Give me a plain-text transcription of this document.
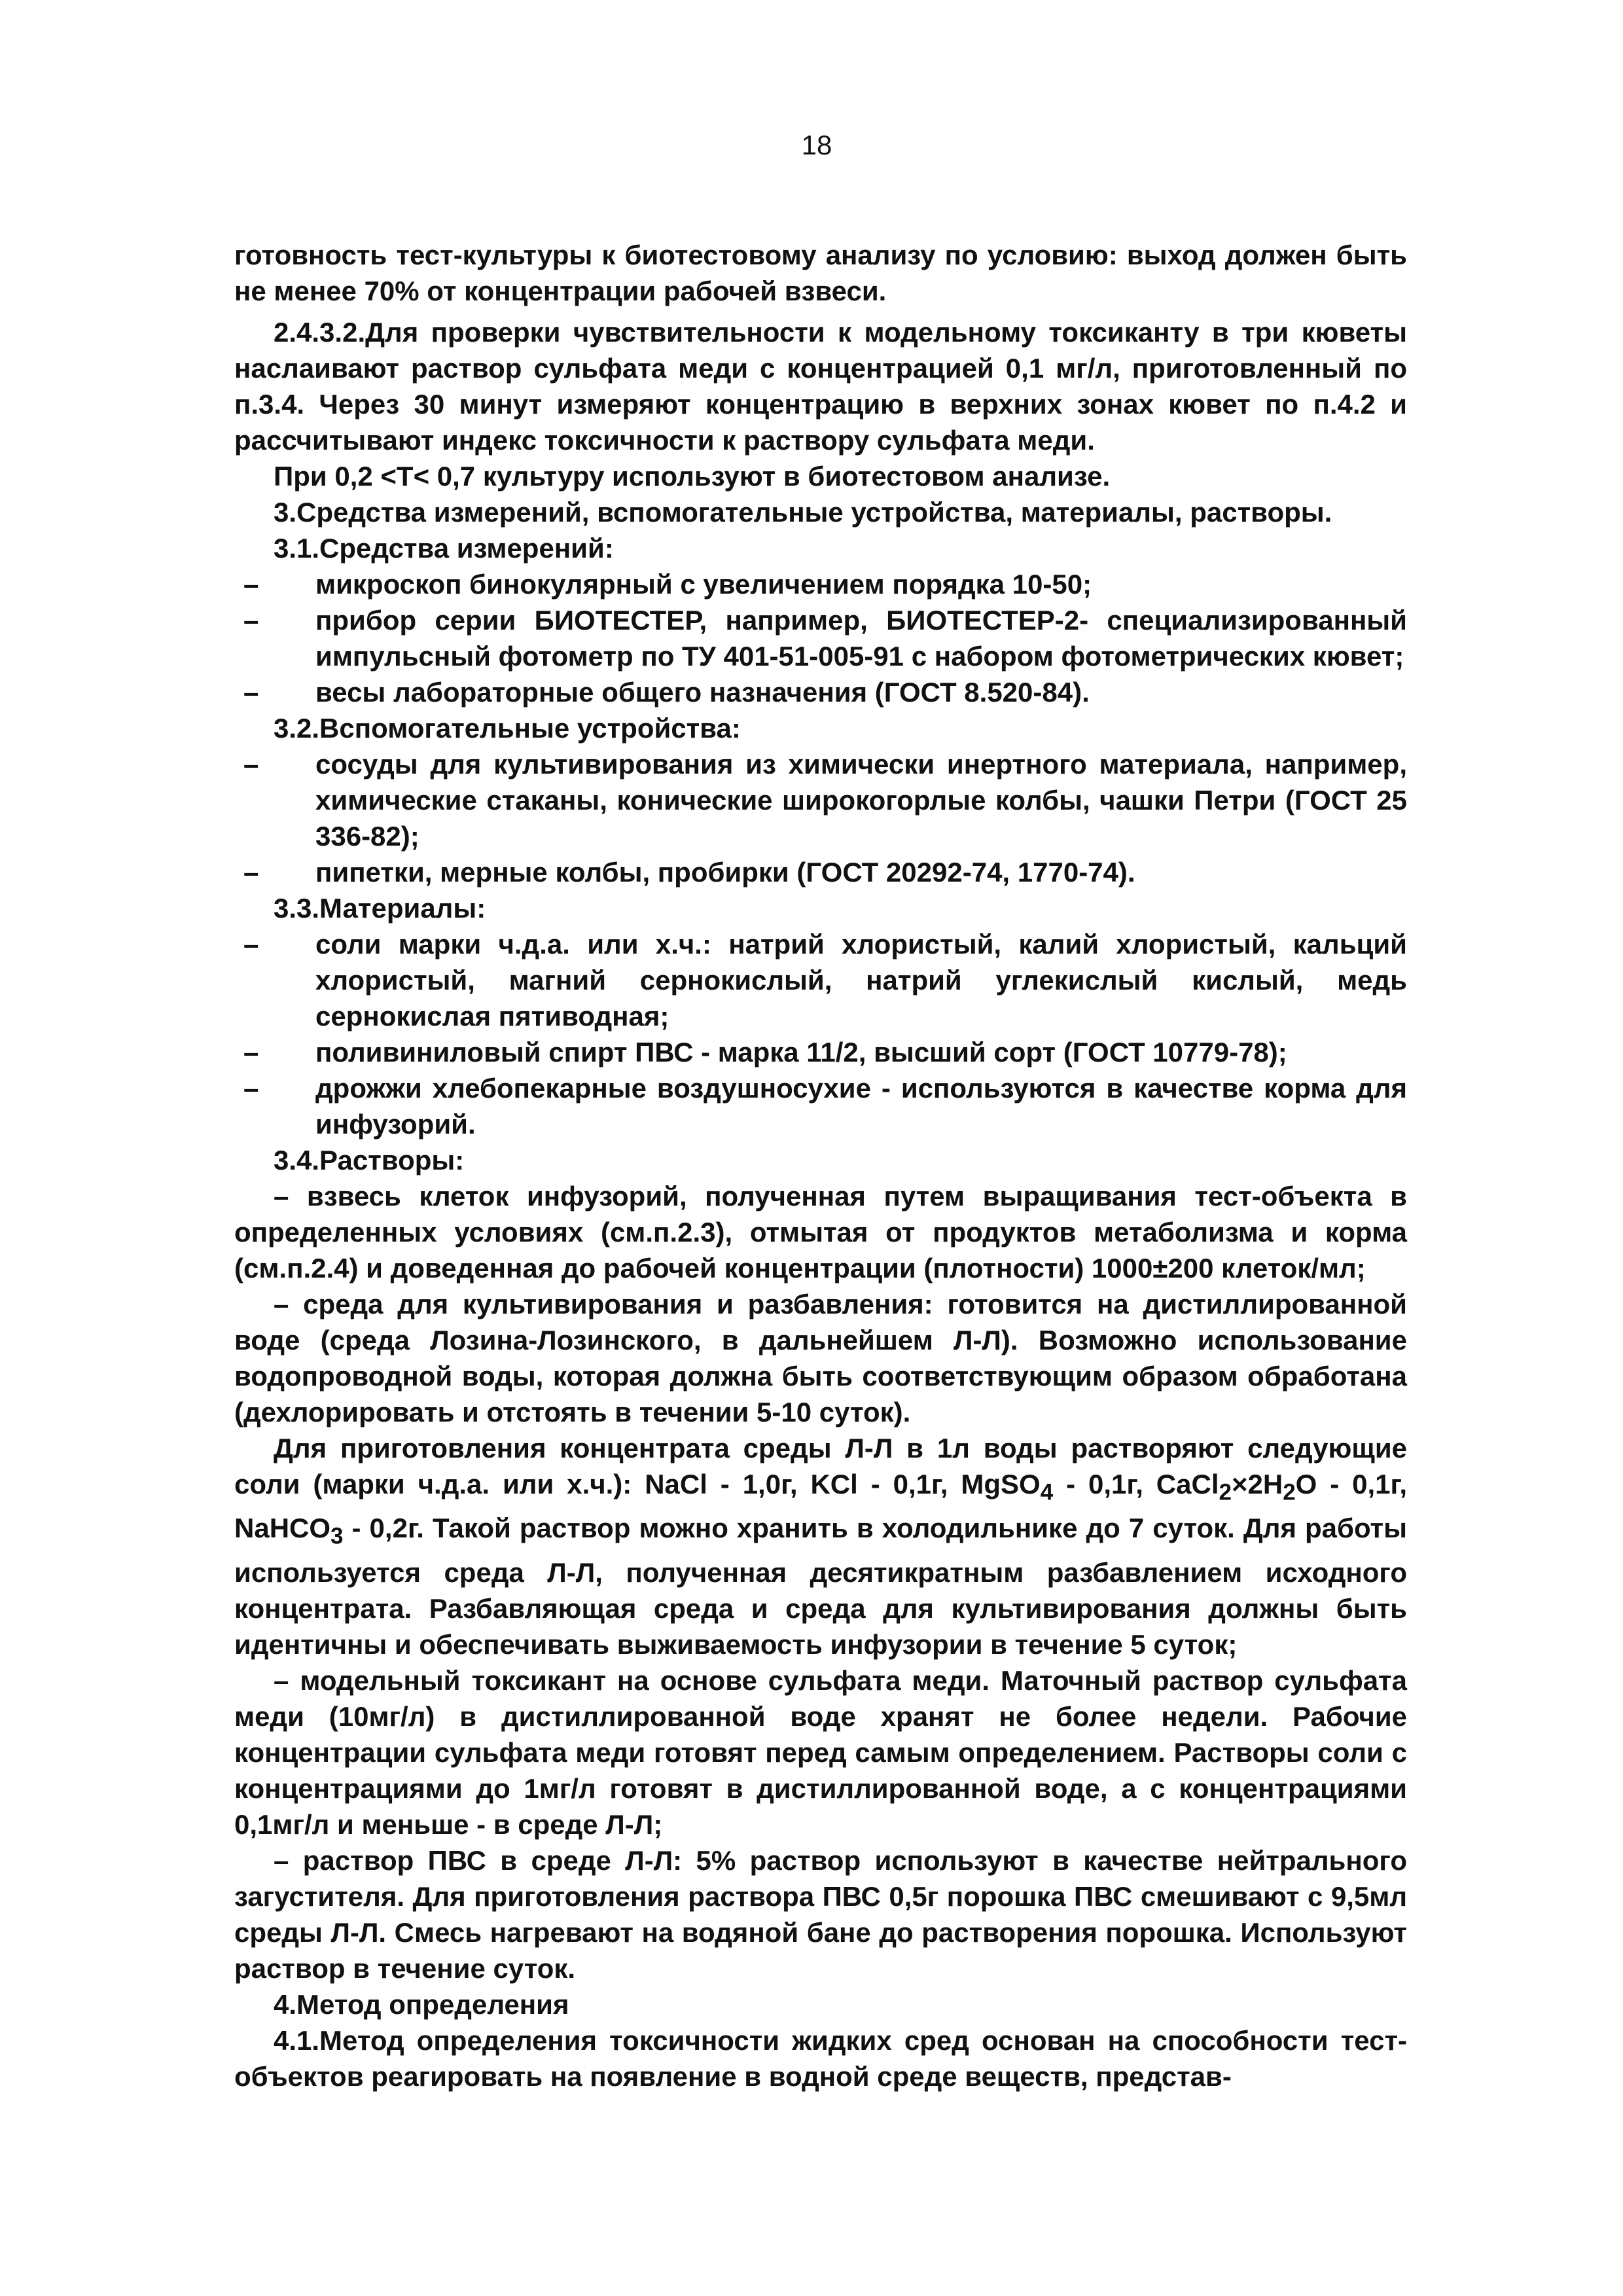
18

готовность тест-культуры к биотестовому анализу по условию: выход должен быть не менее 70% от концентрации рабочей взвеси.

2.4.3.2.Для проверки чувствительности к модельному токсиканту в три кюветы наслаивают раствор сульфата меди с концентрацией 0,1 мг/л, приготовленный по п.3.4. Через 30 минут измеряют концентрацию в верхних зонах кювет по п.4.2 и рассчитывают индекс токсичности к раствору сульфата меди.

При 0,2 <T< 0,7 культуру используют в биотестовом анализе.

3.Средства измерений, вспомогательные устройства, материалы, растворы.

3.1.Средства измерений:

–	микроскоп бинокулярный с увеличением порядка 10-50;

–	прибор серии БИОТЕСТЕР, например, БИОТЕСТЕР-2- специализированный импульсный фотометр по ТУ 401-51-005-91 с набором фотометрических кювет;

–	весы лабораторные общего назначения (ГОСТ 8.520-84).

3.2.Вспомогательные устройства:

–	сосуды для культивирования из химически инертного материала, например, химические стаканы, конические широкогорлые колбы, чашки Петри (ГОСТ 25 336-82);

–	пипетки, мерные колбы, пробирки (ГОСТ 20292-74, 1770-74).

3.3.Материалы:

–	соли марки ч.д.а. или х.ч.: натрий хлористый, калий хлористый, кальций хлористый, магний сернокислый, натрий углекислый кислый, медь сернокислая пятиводная;

–	поливиниловый спирт ПВС - марка 11/2, высший сорт (ГОСТ 10779-78);

–	дрожжи хлебопекарные воздушносухие - используются в качестве корма для инфузорий.

3.4.Растворы:

– взвесь клеток инфузорий, полученная путем выращивания тест-объекта в определенных условиях (см.п.2.3), отмытая от продуктов метаболизма и корма (см.п.2.4) и доведенная до рабочей концентрации (плотности) 1000±200 клеток/мл;

– среда для культивирования и разбавления: готовится на дистиллированной воде (среда Лозина-Лозинского, в дальнейшем Л-Л). Возможно использование водопроводной воды, которая должна быть соответствующим образом обработана (дехлорировать и отстоять в течении 5-10 суток).

Для приготовления концентрата среды Л-Л в 1л воды растворяют следующие соли (марки ч.д.а. или х.ч.): NaCl - 1,0г, KCl - 0,1г, MgSO$_4$ - 0,1г, $CaCl_2\times 2H_2O - 0,1г$, NaHCO$_3$ - 0,2г. Такой раствор можно хранить в холодильнике до 7 суток. Для работы используется среда Л-Л, полученная десятикратным разбавлением исходного концентрата. Разбавляющая среда и среда для культивирования должны быть идентичны и обеспечивать выживаемость инфузории в течение 5 суток;

– модельный токсикант на основе сульфата меди. Маточный раствор сульфата меди (10мг/л) в дистиллированной воде хранят не более недели. Рабочие концентрации сульфата меди готовят перед самым определением. Растворы соли с концентрациями до 1мг/л готовят в дистиллированной воде, а с концентрациями 0,1мг/л и меньше - в среде Л-Л;

– раствор ПВС в среде Л-Л: 5% раствор используют в качестве нейтрального загустителя. Для приготовления раствора ПВС 0,5г порошка ПВС смешивают с 9,5мл среды Л-Л. Смесь нагревают на водяной бане до растворения порошка. Используют раствор в течение суток.

4.Метод определения

4.1.Метод определения токсичности жидких сред основан на способности тест-объектов реагировать на появление в водной среде веществ, представ-
